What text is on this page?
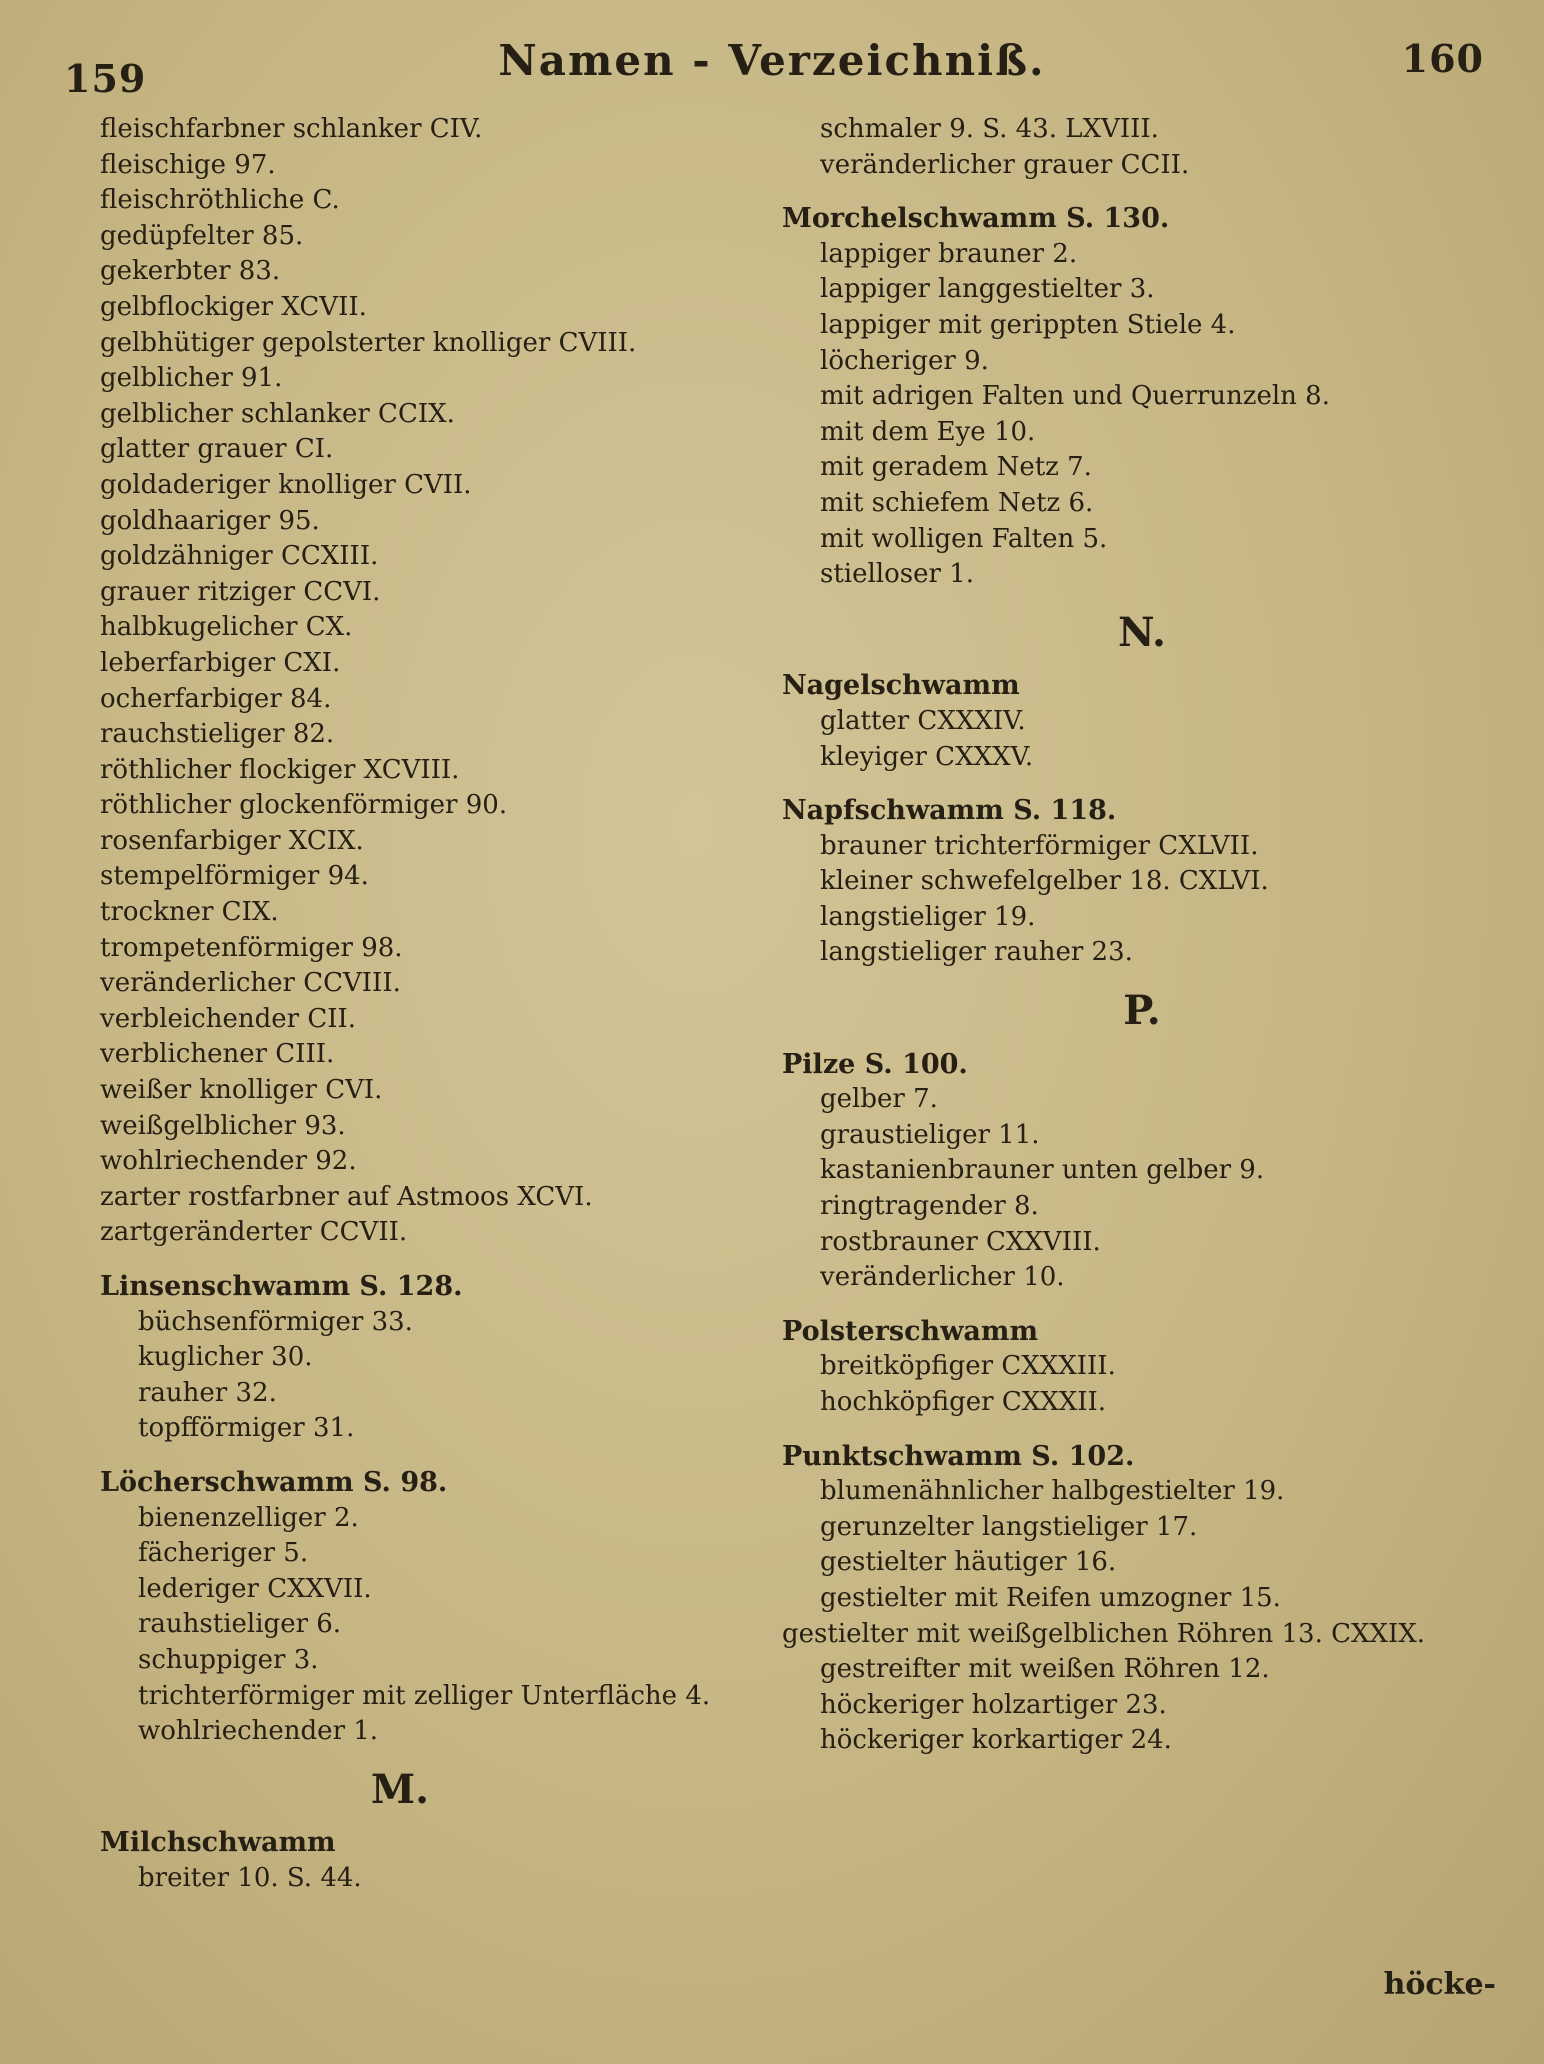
159	Namen - Verzeichniß.	160
fleischfarbner schlanker CIV.
fleischige 97.
fleischröthliche C.
gedüpfelter 85.
gekerbter 83.
gelbflockiger XCVII.
gelbhütiger gepolsterter knolliger CVIII.
gelblicher 91.
gelblicher schlanker CCIX.
glatter grauer CI.
goldaderiger knolliger CVII.
goldhaariger 95.
goldzähniger CCXIII.
grauer ritziger CCVI.
halbkugelicher CX.
leberfarbiger CXI.
ocherfarbiger 84.
rauchstieliger 82.
röthlicher flockiger XCVIII.
röthlicher glockenförmiger 90.
rosenfarbiger XCIX.
stempelförmiger 94.
trockner CIX.
trompetenförmiger 98.
veränderlicher CCVIII.
verbleichender CII.
verblichener CIII.
weißer knolliger CVI.
weißgelblicher 93.
wohlriechender 92.
zarter rostfarbner auf Astmoos XCVI.
zartgeränderter CCVII.
Linsenschwamm S. 128.
büchsenförmiger 33.
kuglicher 30.
rauher 32.
topfförmiger 31.
Löcherschwamm S. 98.
bienenzelliger 2.
fächeriger 5.
lederiger CXXVII.
rauhstieliger 6.
schuppiger 3.
trichterförmiger mit zelliger Unterfläche 4.
wohlriechender 1.
M.
Milchschwamm
breiter 10. S. 44.
schmaler 9. S. 43. LXVIII.
veränderlicher grauer CCII.
Morchelschwamm S. 130.
lappiger brauner 2.
lappiger langgestielter 3.
lappiger mit gerippten Stiele 4.
löcheriger 9.
mit adrigen Falten und Querrunzeln 8.
mit dem Eye 10.
mit geradem Netz 7.
mit schiefem Netz 6.
mit wolligen Falten 5.
stielloser 1.
N.
Nagelschwamm
glatter CXXXIV.
kleyiger CXXXV.
Napfschwamm S. 118.
brauner trichterförmiger CXLVII.
kleiner schwefelgelber 18. CXLVI.
langstieliger 19.
langstieliger rauher 23.
P.
Pilze S. 100.
gelber 7.
graustieliger 11.
kastanienbrauner unten gelber 9.
ringtragender 8.
rostbrauner CXXVIII.
veränderlicher 10.
Polsterschwamm
breitköpfiger CXXXIII.
hochköpfiger CXXXII.
Punktschwamm S. 102.
blumenähnlicher halbgestielter 19.
gerunzelter langstieliger 17.
gestielter häutiger 16.
gestielter mit Reifen umzogner 15.
gestielter mit weißgelblichen Röhren 13. CXXIX.
gestreifter mit weißen Röhren 12.
höckeriger holzartiger 23.
höckeriger korkartiger 24.
höcke-
